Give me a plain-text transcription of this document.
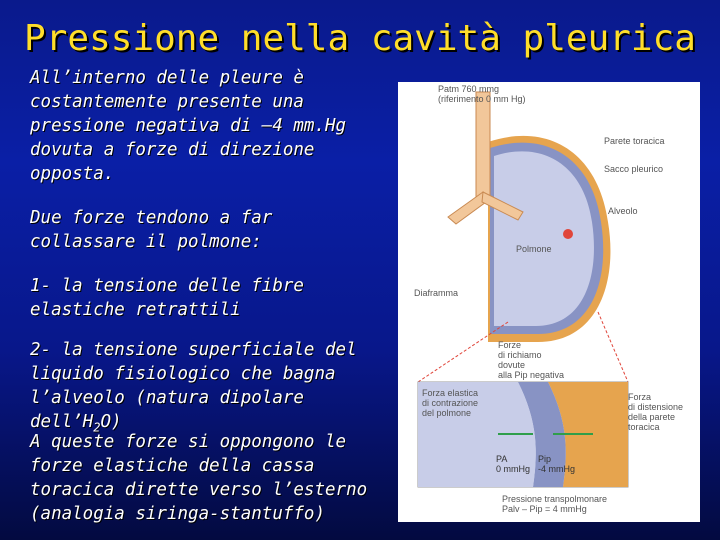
Pressione nella cavità pleurica
All’interno delle pleure è costantemente presente una pressione negativa di –4 mm.Hg dovuta a forze di direzione opposta.
Due forze tendono a far collassare il polmone:
1- la tensione delle fibre elastiche retrattili
2- la tensione superficiale del liquido fisiologico che bagna l’alveolo (natura dipolare $dell’H_2O$)
A queste forze si oppongono le forze elastiche della cassa toracica dirette verso l’esterno (analogia siringa-stantuffo)
Patm 760 mmg
(riferimento 0 mm Hg)
Parete toracica
Sacco pleurico
Alveolo
Polmone
Diaframma
Forze
di richiamo
dovute
alla Pip negativa
Forza elastica
di contrazione
del polmone
Forza
di distensione
della parete
toracica
PA
0 mmHg
Pip
-4 mmHg
Pressione transpolmonare
Palv – Pip = 4 mmHg
